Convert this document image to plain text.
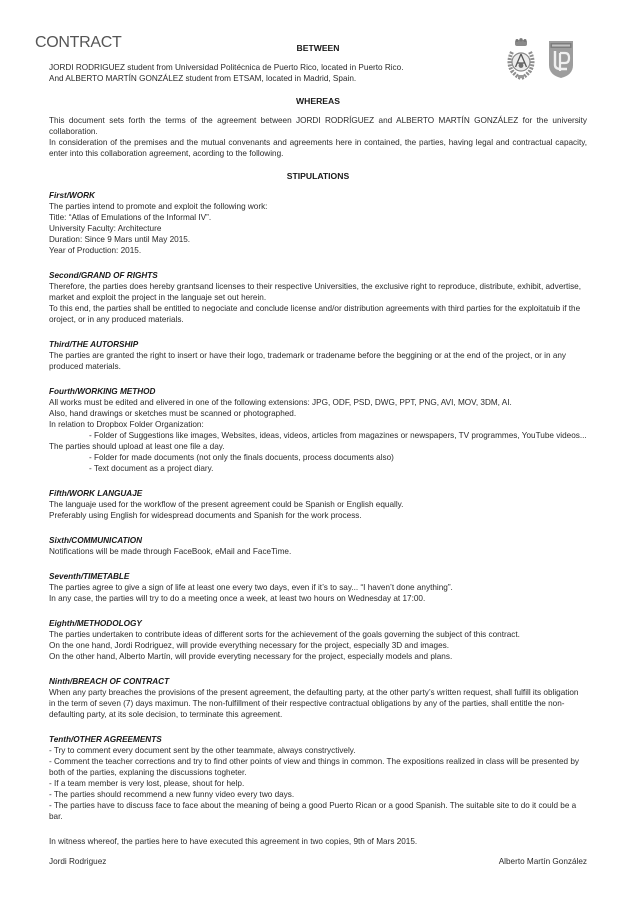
CONTRACT	BETWEEN

JORDI RODRIGUEZ student from Universidad Politécnica de Puerto Rico, located in Puerto Rico.

And ALBERTO MARTÍN GONZÁLEZ student from ETSAM, located in Madrid, Spain.

WHEREAS

This document sets forth the terms of the agreement between JORDI RODRÍGUEZ and ALBERTO MARTÍN GONZÁLEZ for the university collaboration.

In consideration of the premises and the mutual convenants and agreements here in contained, the parties, having legal and contractual capacity, enter into this collaboration agreement, acording to the following.

STIPULATIONS

First/WORK

The parties intend to promote and exploit the following work:

Title: “Atlas of Emulations of the Informal IV”.

University Faculty: Architecture

Duration: Since 9 Mars until May 2015.

Year of Production: 2015.

Second/GRAND OF RIGHTS

Therefore, the parties does hereby grantsand licenses to their respective Universities, the exclusive right to reproduce, distribute, exhibit, advertise, market and exploit the project in the languaje set out herein.

To this end, the parties shall be entitled to negociate and conclude license and/or distribution agreements with third parties for the exploitatuib if the oroject, or in any produced materials.

Third/THE AUTORSHIP

The parties are granted the right to insert or have their logo, trademark or tradename before the beggining or at the end of the project, or in any produced materials.

Fourth/WORKING METHOD

All works must be edited and elivered in one of the following extensions: JPG, ODF, PSD, DWG, PPT, PNG, AVI, MOV, 3DM, AI.

Also, hand drawings or sketches must be scanned or photographed.

In relation to Dropbox Folder Organization:

- Folder of Suggestions like images, Websites, ideas, videos, articles from magazines or newspapers, TV programmes, YouTube videos... The parties should upload at least one file a day.

- Folder for made documents (not only the finals docuents, process documents also)

- Text document as a project diary.

Fifth/WORK LANGUAJE

The languaje used for the workflow of the present agreement could be Spanish or English equally.

Preferably using English for widespread documents and Spanish for the work process.

Sixth/COMMUNICATION

Notifications will be made through FaceBook, eMail and FaceTime.

Seventh/TIMETABLE

The parties agree to give a sign of life at least one every two days, even if it’s to say... “I haven’t done anything”.

In any case, the parties will try to do a meeting once a week, at least two hours on Wednesday at 17:00.

Eighth/METHODOLOGY

The parties undertaken to contribute ideas of different sorts for the achievement of the goals governing the subject of this contract.

On the one hand, Jordi Rodriguez, will provide everything necessary for the project, especially 3D and images.

On the other hand, Alberto Martín, will provide everyting necessary for the project, especially models and plans.

Ninth/BREACH OF CONTRACT

When any party breaches the provisions of the present agreement, the defaulting party, at the other party’s written request, shall fulfill its obligation in the term of seven (7) days maximun. The non-fulfillment of their respective contractual obligations by any of the parties, shall entitle the non-defaulting party, at its sole decision, to terminate this agreement.

Tenth/OTHER AGREEMENTS

- Try to comment every document sent by the other teammate, always constryctively.

- Comment the teacher corrections and try to find other points of view and things in common. The expositions realized in class will be presented by both of the parties, explaning the discussions togheter.

- If a team member is very lost, please, shout for help.

- The parties should recommend a new funny video every two days.

- The parties have to discuss face to face about the meaning of being a good Puerto Rican or a good Spanish. The suitable site to do it could be a bar.

In witness whereof, the parties here to have executed this agreement in two copies, 9th of Mars 2015.

Jordi Rodriguez	Alberto Martín González
